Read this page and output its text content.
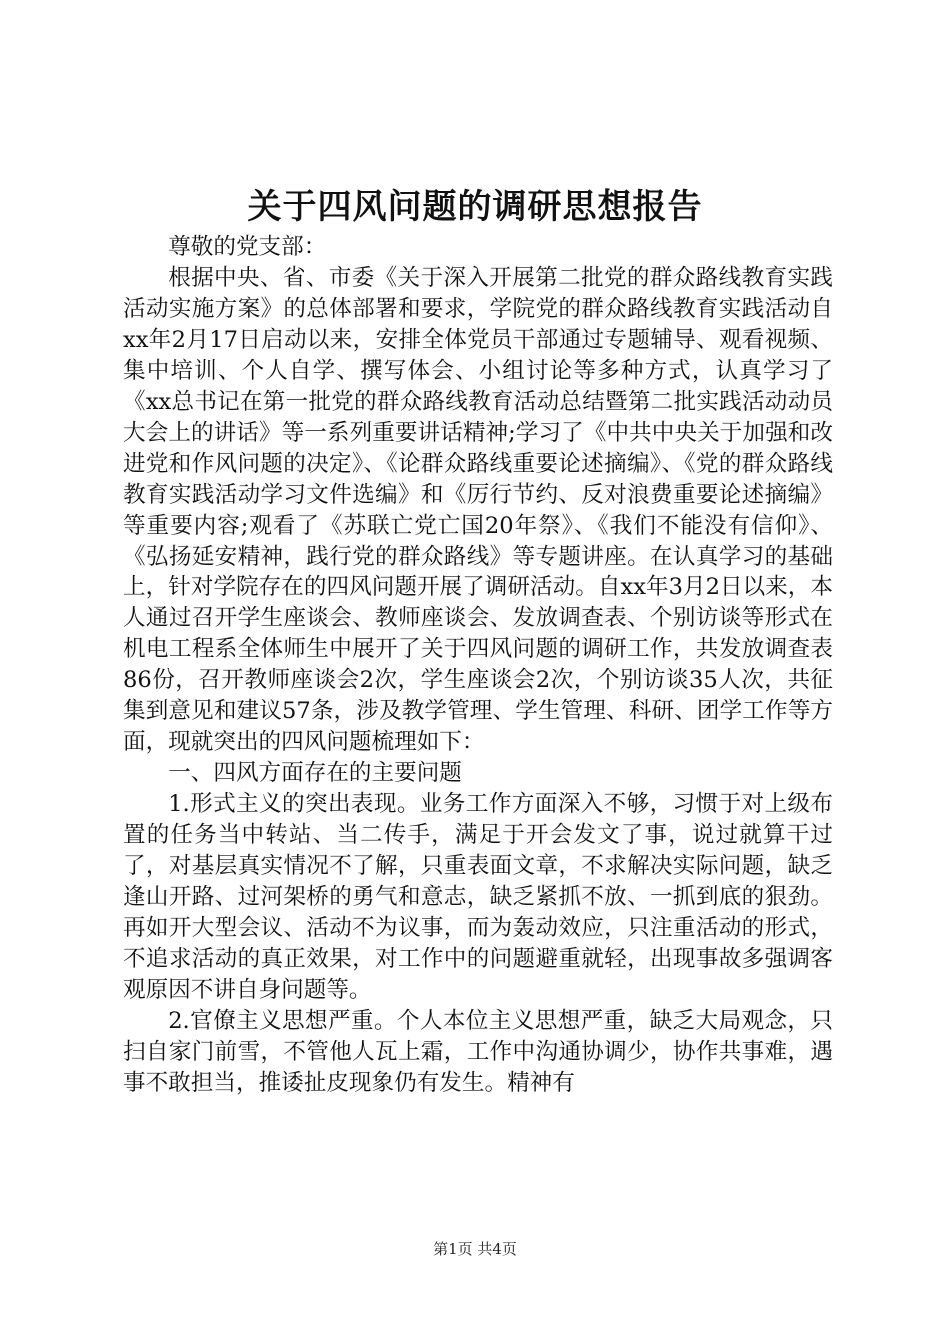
关于四风问题的调研思想报告

尊敬的党支部：

根据中央、省、市委《关于深入开展第二批党的群众路线教育实践活动实施方案》的总体部署和要求，学院党的群众路线教育实践活动自xx年2月17日启动以来，安排全体党员干部通过专题辅导、观看视频、集中培训、个人自学、撰写体会、小组讨论等多种方式，认真学习了《xx总书记在第一批党的群众路线教育活动总结暨第二批实践活动动员大会上的讲话》等一系列重要讲话精神;学习了《中共中央关于加强和改进党和作风问题的决定》、《论群众路线重要论述摘编》、《党的群众路线教育实践活动学习文件选编》和《厉行节约、反对浪费重要论述摘编》等重要内容;观看了《苏联亡党亡国20年祭》、《我们不能没有信仰》、《弘扬延安精神，践行党的群众路线》等专题讲座。在认真学习的基础上，针对学院存在的四风问题开展了调研活动。自xx年3月2日以来，本人通过召开学生座谈会、教师座谈会、发放调查表、个别访谈等形式在机电工程系全体师生中展开了关于四风问题的调研工作，共发放调查表86份，召开教师座谈会2次，学生座谈会2次，个别访谈35人次，共征集到意见和建议57条，涉及教学管理、学生管理、科研、团学工作等方面，现就突出的四风问题梳理如下：

一、四风方面存在的主要问题

1.形式主义的突出表现。业务工作方面深入不够，习惯于对上级布置的任务当中转站、当二传手，满足于开会发文了事，说过就算干过了，对基层真实情况不了解，只重表面文章，不求解决实际问题，缺乏逢山开路、过河架桥的勇气和意志，缺乏紧抓不放、一抓到底的狠劲。再如开大型会议、活动不为议事，而为轰动效应，只注重活动的形式，不追求活动的真正效果，对工作中的问题避重就轻，出现事故多强调客观原因不讲自身问题等。

2.官僚主义思想严重。个人本位主义思想严重，缺乏大局观念，只扫自家门前雪，不管他人瓦上霜，工作中沟通协调少，协作共事难，遇事不敢担当，推诿扯皮现象仍有发生。精神有

第1页 共4页
